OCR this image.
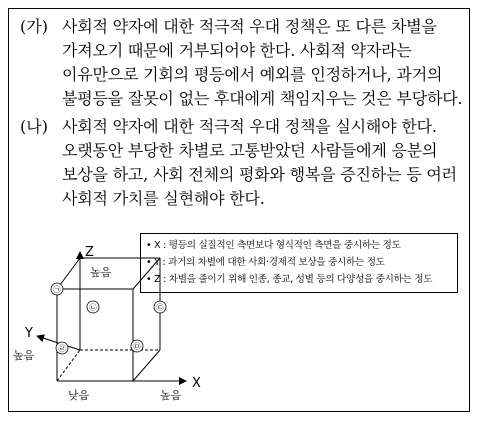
(가) 사회적 약자에 대한 적극적 우대 정책은 또 다른 차별을
가져오기 때문에 거부되어야 한다. 사회적 약자라는
이유만으로 기회의 평등에서 예외를 인정하거나, 과거의
불평등을 잘못이 없는 후대에게 책임지우는 것은 부당하다.
(나) 사회적 약자에 대한 적극적 우대 정책을 실시해야 한다.
오랫동안 부당한 차별로 고통받았던 사람들에게 응분의
보상을 하고, 사회 전체의 평화와 행복을 증진하는 등 여러
사회적 가치를 실현해야 한다.
• X : 평등의 실질적인 측면보다 형식적인 측면을 중시하는 정도
• Y : 과거의 차별에 대한 사회·경제적 보상을 중시하는 정도
• Z : 차별을 줄이기 위해 인종, 종교, 성별 등의 다양성을 중시하는 정도
㉠
㉡	㉢
㉣	㉤
Z
높음
X
높음
Y
높음
낮음
